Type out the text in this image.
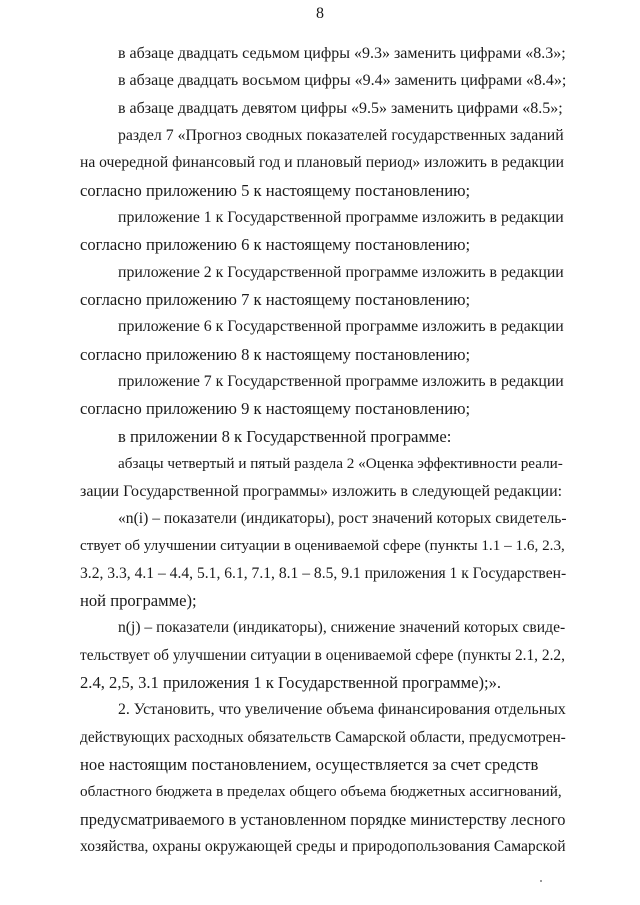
8
в абзаце двадцать седьмом цифры «9.3» заменить цифрами «8.3»;
в абзаце двадцать восьмом цифры «9.4» заменить цифрами «8.4»;
в абзаце двадцать девятом цифры «9.5» заменить цифрами «8.5»;
раздел 7 «Прогноз сводных показателей государственных заданий
на очередной финансовый год и плановый период» изложить в редакции
согласно приложению 5 к настоящему постановлению;
приложение 1 к Государственной программе изложить в редакции
согласно приложению 6 к настоящему постановлению;
приложение 2 к Государственной программе изложить в редакции
согласно приложению 7 к настоящему постановлению;
приложение 6 к Государственной программе изложить в редакции
согласно приложению 8 к настоящему постановлению;
приложение 7 к Государственной программе изложить в редакции
согласно приложению 9 к настоящему постановлению;
в приложении 8 к Государственной программе:
абзацы четвертый и пятый раздела 2 «Оценка эффективности реали-
зации Государственной программы» изложить в следующей редакции:
«n(i) – показатели (индикаторы), рост значений которых свидетель-
ствует об улучшении ситуации в оцениваемой сфере (пункты 1.1 – 1.6, 2.3,
3.2, 3.3, 4.1 – 4.4, 5.1, 6.1, 7.1, 8.1 – 8.5, 9.1 приложения 1 к Государствен-
ной программе);
n(j) – показатели (индикаторы), снижение значений которых свиде-
тельствует об улучшении ситуации в оцениваемой сфере (пункты 2.1, 2.2,
2.4, 2,5, 3.1 приложения 1 к Государственной программе);».
2. Установить, что увеличение объема финансирования отдельных
действующих расходных обязательств Самарской области, предусмотрен-
ное настоящим постановлением, осуществляется за счет средств
областного бюджета в пределах общего объема бюджетных ассигнований,
предусматриваемого в установленном порядке министерству лесного
хозяйства, охраны окружающей среды и природопользования Самарской
